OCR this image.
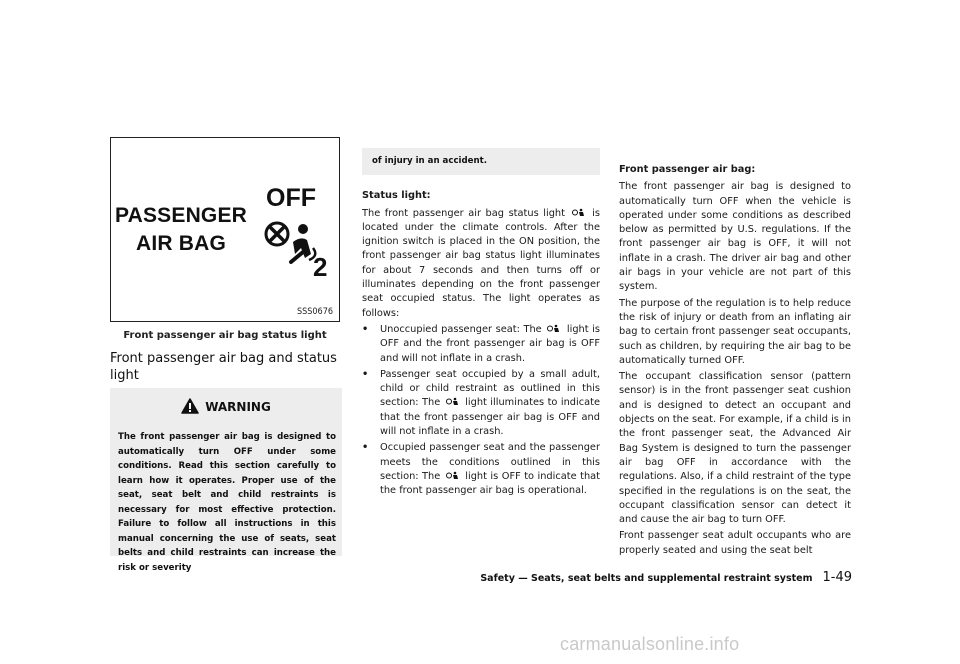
PASSENGER
AIR BAG
OFF
2
SSS0676
Front passenger air bag status light
Front passenger air bag and status light
WARNING
The front passenger air bag is designed to automatically turn OFF under some conditions. Read this section carefully to learn how it operates. Proper use of the seat, seat belt and child restraints is necessary for most effective protection. Failure to follow all instructions in this manual concerning the use of seats, seat belts and child restraints can increase the risk or severity
of injury in an accident.

Status light:

The front passenger air bag status light	is located under the climate controls. After the ignition switch is placed in the ON position, the front passenger air bag status light illuminates for about 7 seconds and then turns off or illuminates depending on the front passenger seat occupied status. The light operates as follows:

• Unoccupied passenger seat: The	light is OFF and the front passenger air bag is OFF and will not inflate in a crash.
• Passenger seat occupied by a small adult, child or child restraint as outlined in this section: The	light illuminates to indicate that the front passenger air bag is OFF and will not inflate in a crash.
• Occupied passenger seat and the passenger meets the conditions outlined in this section: The	light is OFF to indicate that the front passenger air bag is operational.

Front passenger air bag:

The front passenger air bag is designed to automatically turn OFF when the vehicle is operated under some conditions as described below as permitted by U.S. regulations. If the front passenger air bag is OFF, it will not inflate in a crash. The driver air bag and other air bags in your vehicle are not part of this system.

The purpose of the regulation is to help reduce the risk of injury or death from an inflating air bag to certain front passenger seat occupants, such as children, by requiring the air bag to be automatically turned OFF.

The occupant classification sensor (pattern sensor) is in the front passenger seat cushion and is designed to detect an occupant and objects on the seat. For example, if a child is in the front passenger seat, the Advanced Air Bag System is designed to turn the passenger air bag OFF in accordance with the regulations. Also, if a child restraint of the type specified in the regulations is on the seat, the occupant classification sensor can detect it and cause the air bag to turn OFF.

Front passenger seat adult occupants who are properly seated and using the seat belt

Safety — Seats, seat belts and supplemental restraint system 1-49
carmanualsonline.info
